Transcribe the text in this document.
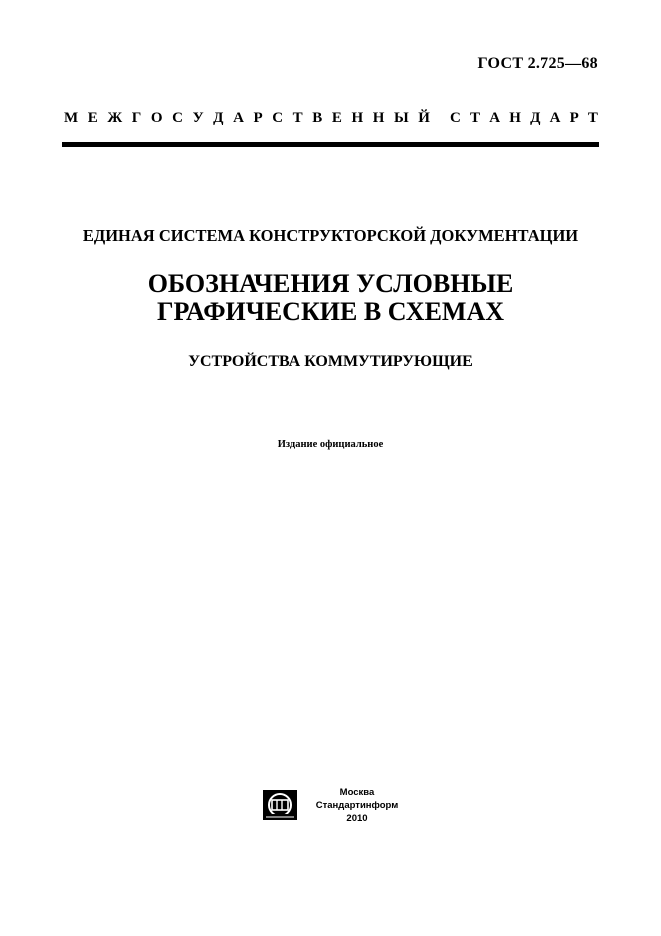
ГОСТ 2.725—68
М Е Ж Г О С У Д А Р С Т В Е Н Н Ы Й С Т А Н Д А Р Т
ЕДИНАЯ СИСТЕМА КОНСТРУКТОРСКОЙ ДОКУМЕНТАЦИИ
ОБОЗНАЧЕНИЯ УСЛОВНЫЕ
ГРАФИЧЕСКИЕ В СХЕМАХ
УСТРОЙСТВА КОММУТИРУЮЩИЕ
Издание официальное
Москва
Стандартинформ
2010
